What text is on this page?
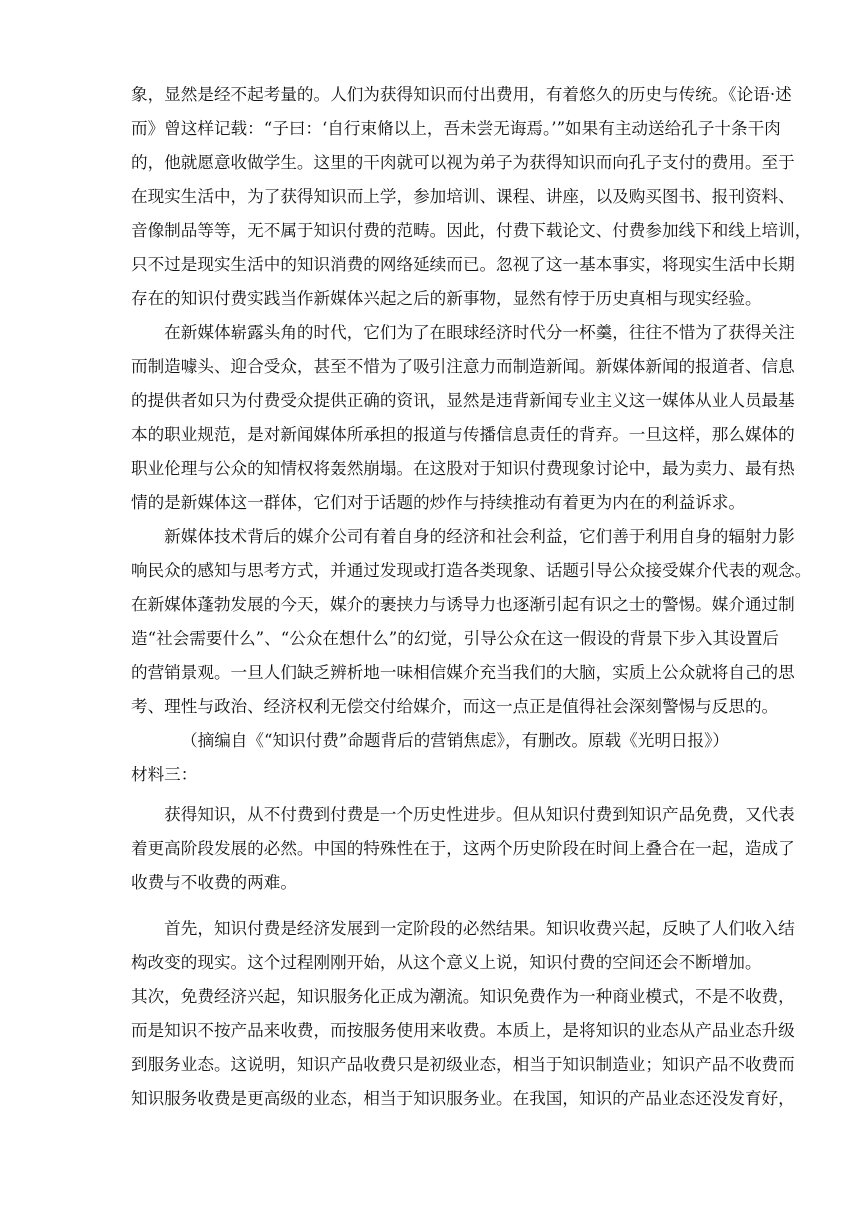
象，显然是经不起考量的。人们为获得知识而付出费用，有着悠久的历史与传统。《论语·述
而》曾这样记载：“子曰：‘自行束脩以上，吾未尝无诲焉。’”如果有主动送给孔子十条干肉
的，他就愿意收做学生。这里的干肉就可以视为弟子为获得知识而向孔子支付的费用。至于
在现实生活中，为了获得知识而上学，参加培训、课程、讲座，以及购买图书、报刊资料、
音像制品等等，无不属于知识付费的范畴。因此，付费下载论文、付费参加线下和线上培训，
只不过是现实生活中的知识消费的网络延续而已。忽视了这一基本事实，将现实生活中长期
存在的知识付费实践当作新媒体兴起之后的新事物，显然有悖于历史真相与现实经验。
　　在新媒体崭露头角的时代，它们为了在眼球经济时代分一杯羹，往往不惜为了获得关注
而制造噱头、迎合受众，甚至不惜为了吸引注意力而制造新闻。新媒体新闻的报道者、信息
的提供者如只为付费受众提供正确的资讯，显然是违背新闻专业主义这一媒体从业人员最基
本的职业规范，是对新闻媒体所承担的报道与传播信息责任的背弃。一旦这样，那么媒体的
职业伦理与公众的知情权将轰然崩塌。在这股对于知识付费现象讨论中，最为卖力、最有热
情的是新媒体这一群体，它们对于话题的炒作与持续推动有着更为内在的利益诉求。
　　新媒体技术背后的媒介公司有着自身的经济和社会利益，它们善于利用自身的辐射力影
响民众的感知与思考方式，并通过发现或打造各类现象、话题引导公众接受媒介代表的观念。
在新媒体蓬勃发展的今天，媒介的裹挟力与诱导力也逐渐引起有识之士的警惕。媒介通过制
造“社会需要什么”、“公众在想什么”的幻觉，引导公众在这一假设的背景下步入其设置后
的营销景观。一旦人们缺乏辨析地一味相信媒介充当我们的大脑，实质上公众就将自己的思
考、理性与政治、经济权利无偿交付给媒介，而这一点正是值得社会深刻警惕与反思的。
（摘编自《“知识付费”命题背后的营销焦虑》，有删改。原载《光明日报》）
材料三：
　　获得知识，从不付费到付费是一个历史性进步。但从知识付费到知识产品免费，又代表
着更高阶段发展的必然。中国的特殊性在于，这两个历史阶段在时间上叠合在一起，造成了
收费与不收费的两难。
　　首先，知识付费是经济发展到一定阶段的必然结果。知识收费兴起，反映了人们收入结
构改变的现实。这个过程刚刚开始，从这个意义上说，知识付费的空间还会不断增加。
其次，免费经济兴起，知识服务化正成为潮流。知识免费作为一种商业模式，不是不收费，
而是知识不按产品来收费，而按服务使用来收费。本质上，是将知识的业态从产品业态升级
到服务业态。这说明，知识产品收费只是初级业态，相当于知识制造业；知识产品不收费而
知识服务收费是更高级的业态，相当于知识服务业。在我国，知识的产品业态还没发育好，
